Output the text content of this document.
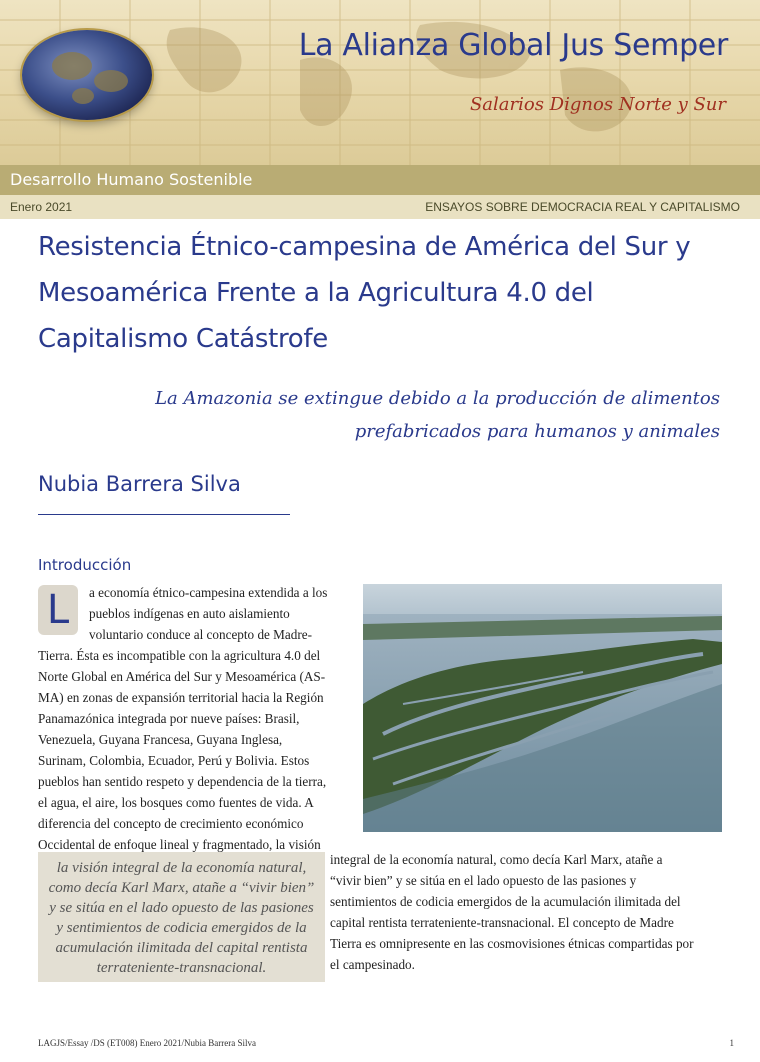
La Alianza Global Jus Semper
Salarios Dignos Norte y Sur
Desarrollo Humano Sostenible
Enero 2021	ENSAYOS SOBRE DEMOCRACIA REAL Y CAPITALISMO
Resistencia Étnico-campesina de América del Sur y
Mesoamérica Frente a la Agricultura 4.0 del
Capitalismo Catástrofe
La Amazonia se extingue debido a la producción de alimentos
prefabricados para humanos y animales
Nubia Barrera Silva
Introducción
L	a economía étnico-campesina extendida a los
pueblos indígenas en auto aislamiento
voluntario conduce al concepto de Madre-
Tierra. Ésta es incompatible con la agricultura 4.0 del
Norte Global en América del Sur y Mesoamérica (AS-
MA) en zonas de expansión territorial hacia la Región
Panamazónica integrada por nueve países: Brasil,
Venezuela, Guyana Francesa, Guyana Inglesa,
Surinam, Colombia, Ecuador, Perú y Bolivia. Estos
pueblos han sentido respeto y dependencia de la tierra,
el agua, el aire, los bosques como fuentes de vida. A
diferencia del concepto de crecimiento económico
Occidental de enfoque lineal y fragmentado, la visión
integral de la economía natural, como decía Karl Marx, atañe a
“vivir bien” y se sitúa en el lado opuesto de las pasiones y
sentimientos de codicia emergidos de la acumulación ilimitada del
capital rentista terrateniente-transnacional. El concepto de Madre
Tierra es omnipresente en las cosmovisiones étnicas compartidas por
el campesinado.
la visión integral de la economía natural,
como decía Karl Marx, atañe a “vivir bien”
y se sitúa en el lado opuesto de las pasiones
y sentimientos de codicia emergidos de la
acumulación ilimitada del capital rentista
terrateniente-transnacional.
LAGJS/Essay /DS (ET008) Enero 2021/Nubia Barrera Silva	1
